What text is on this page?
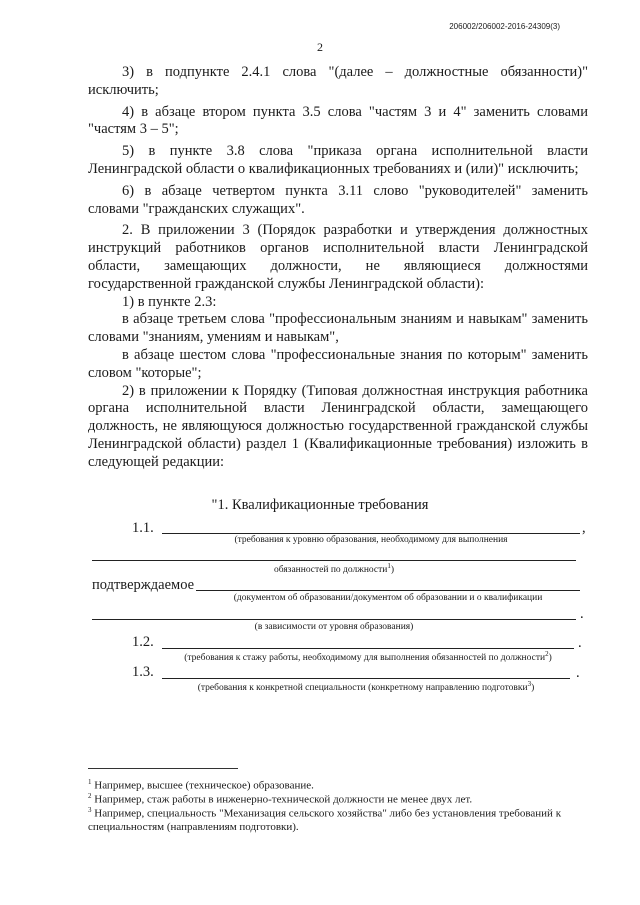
206002/206002-2016-24309(3)
2

3) в подпункте 2.4.1 слова "(далее – должностные обязанности)" исключить;

4) в абзаце втором пункта 3.5 слова "частям 3 и 4" заменить словами "частям 3 – 5";

5) в пункте 3.8 слова "приказа органа исполнительной власти Ленинградской области о квалификационных требованиях и (или)" исключить;

6) в абзаце четвертом пункта 3.11 слово "руководителей" заменить словами "гражданских служащих".

2. В приложении 3 (Порядок разработки и утверждения должностных инструкций работников органов исполнительной власти Ленинградской области, замещающих должности, не являющиеся должностями государственной гражданской службы Ленинградской области):

1) в пункте 2.3:

в абзаце третьем слова "профессиональным знаниям и навыкам" заменить словами "знаниям, умениям и навыкам",

в абзаце шестом слова "профессиональные знания по которым" заменить словом "которые";

2) в приложении к Порядку (Типовая должностная инструкция работника органа исполнительной власти Ленинградской области, замещающего должность, не являющуюся должностью государственной гражданской службы Ленинградской области) раздел 1 (Квалификационные требования) изложить в следующей редакции:

"1. Квалификационные требования
1.1.	,
(требования к уровню образования, необходимому для выполнения
обязанностей по должности$^1$)
подтверждаемое
(документом об образовании/документом об образовании и о квалификации
.
(в зависимости от уровня образования)
1.2.	.
(требования к стажу работы, необходимому для выполнения обязанностей по должности$^2$)
1.3.	.
(требования к конкретной специальности (конкретному направлению подготовки$^3$)
$^1$ Например, высшее (техническое) образование.
$^2$ Например, стаж работы в инженерно-технической должности не менее двух лет.
$^3$ Например, специальность "Механизация сельского хозяйства" либо без установления требований к специальностям (направлениям подготовки).
